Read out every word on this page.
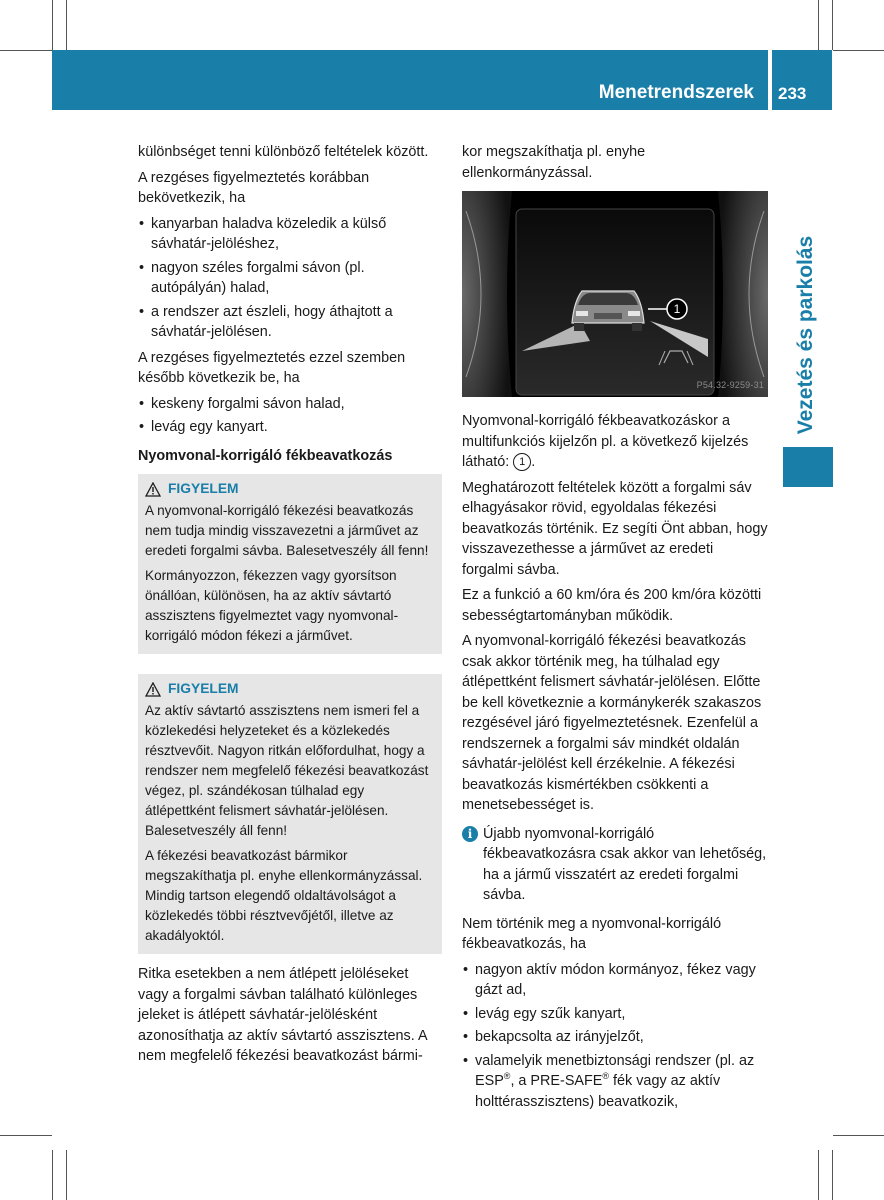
Menetrendszerek 233
Vezetés és parkolás

különbséget tenni különböző feltételek között.

A rezgéses figyelmeztetés korábban bekövetkezik, ha

• kanyarban haladva közeledik a külső sávhatár-jelöléshez,
• nagyon széles forgalmi sávon (pl. autópályán) halad,
• a rendszer azt észleli, hogy áthajtott a sávhatár-jelölésen.

A rezgéses figyelmeztetés ezzel szemben később következik be, ha

• keskeny forgalmi sávon halad,
• levág egy kanyart.
Nyomvonal-korrigáló fékbeavatkozás
FIGYELEM

A nyomvonal-korrigáló fékezési beavatkozás nem tudja mindig visszavezetni a járművet az eredeti forgalmi sávba. Balesetveszély áll fenn!

Kormányozzon, fékezzen vagy gyorsítson önállóan, különösen, ha az aktív sávtartó asszisztens figyelmeztet vagy nyomvonal-korrigáló módon fékezi a járművet.

FIGYELEM

Az aktív sávtartó asszisztens nem ismeri fel a közlekedési helyzeteket és a közlekedés résztvevőit. Nagyon ritkán előfordulhat, hogy a rendszer nem megfelelő fékezési beavatkozást végez, pl. szándékosan túlhalad egy átlépettként felismert sávhatár-jelölésen. Balesetveszély áll fenn!

A fékezési beavatkozást bármikor megszakíthatja pl. enyhe ellenkormányzással. Mindig tartson elegendő oldaltávolságot a közlekedés többi résztvevőjétől, illetve az akadályoktól.

Ritka esetekben a nem átlépett jelöléseket vagy a forgalmi sávban található különleges jeleket is átlépett sávhatár-jelölésként azonosíthatja az aktív sávtartó asszisztens. A nem megfelelő fékezési beavatkozást bármi-

kor megszakíthatja pl. enyhe ellenkormányzással.

1
P54.32-9259-31

Nyomvonal-korrigáló fékbeavatkozáskor a multifunkciós kijelzőn pl. a következő kijelzés látható: 1 .

Meghatározott feltételek között a forgalmi sáv elhagyásakor rövid, egyoldalas fékezési beavatkozás történik. Ez segíti Önt abban, hogy visszavezethesse a járművet az eredeti forgalmi sávba.

Ez a funkció a 60 km/óra és 200 km/óra közötti sebességtartományban működik.

A nyomvonal-korrigáló fékezési beavatkozás csak akkor történik meg, ha túlhalad egy átlépettként felismert sávhatár-jelölésen. Előtte be kell következnie a kormánykerék szakaszos rezgésével járó figyelmeztetésnek. Ezenfelül a rendszernek a forgalmi sáv mindkét oldalán sávhatár-jelölést kell érzékelnie. A fékezési beavatkozás kismértékben csökkenti a menetsebességet is.

i Újabb nyomvonal-korrigáló fékbeavatkozásra csak akkor van lehetőség, ha a jármű visszatért az eredeti forgalmi sávba.

Nem történik meg a nyomvonal-korrigáló fékbeavatkozás, ha

• nagyon aktív módon kormányoz, fékez vagy gázt ad,
• levág egy szűk kanyart,
• bekapcsolta az irányjelzőt,
• valamelyik menetbiztonsági rendszer (pl. az ESP®, a PRE-SAFE® fék vagy az aktív holttérasszisztens) beavatkozik,
